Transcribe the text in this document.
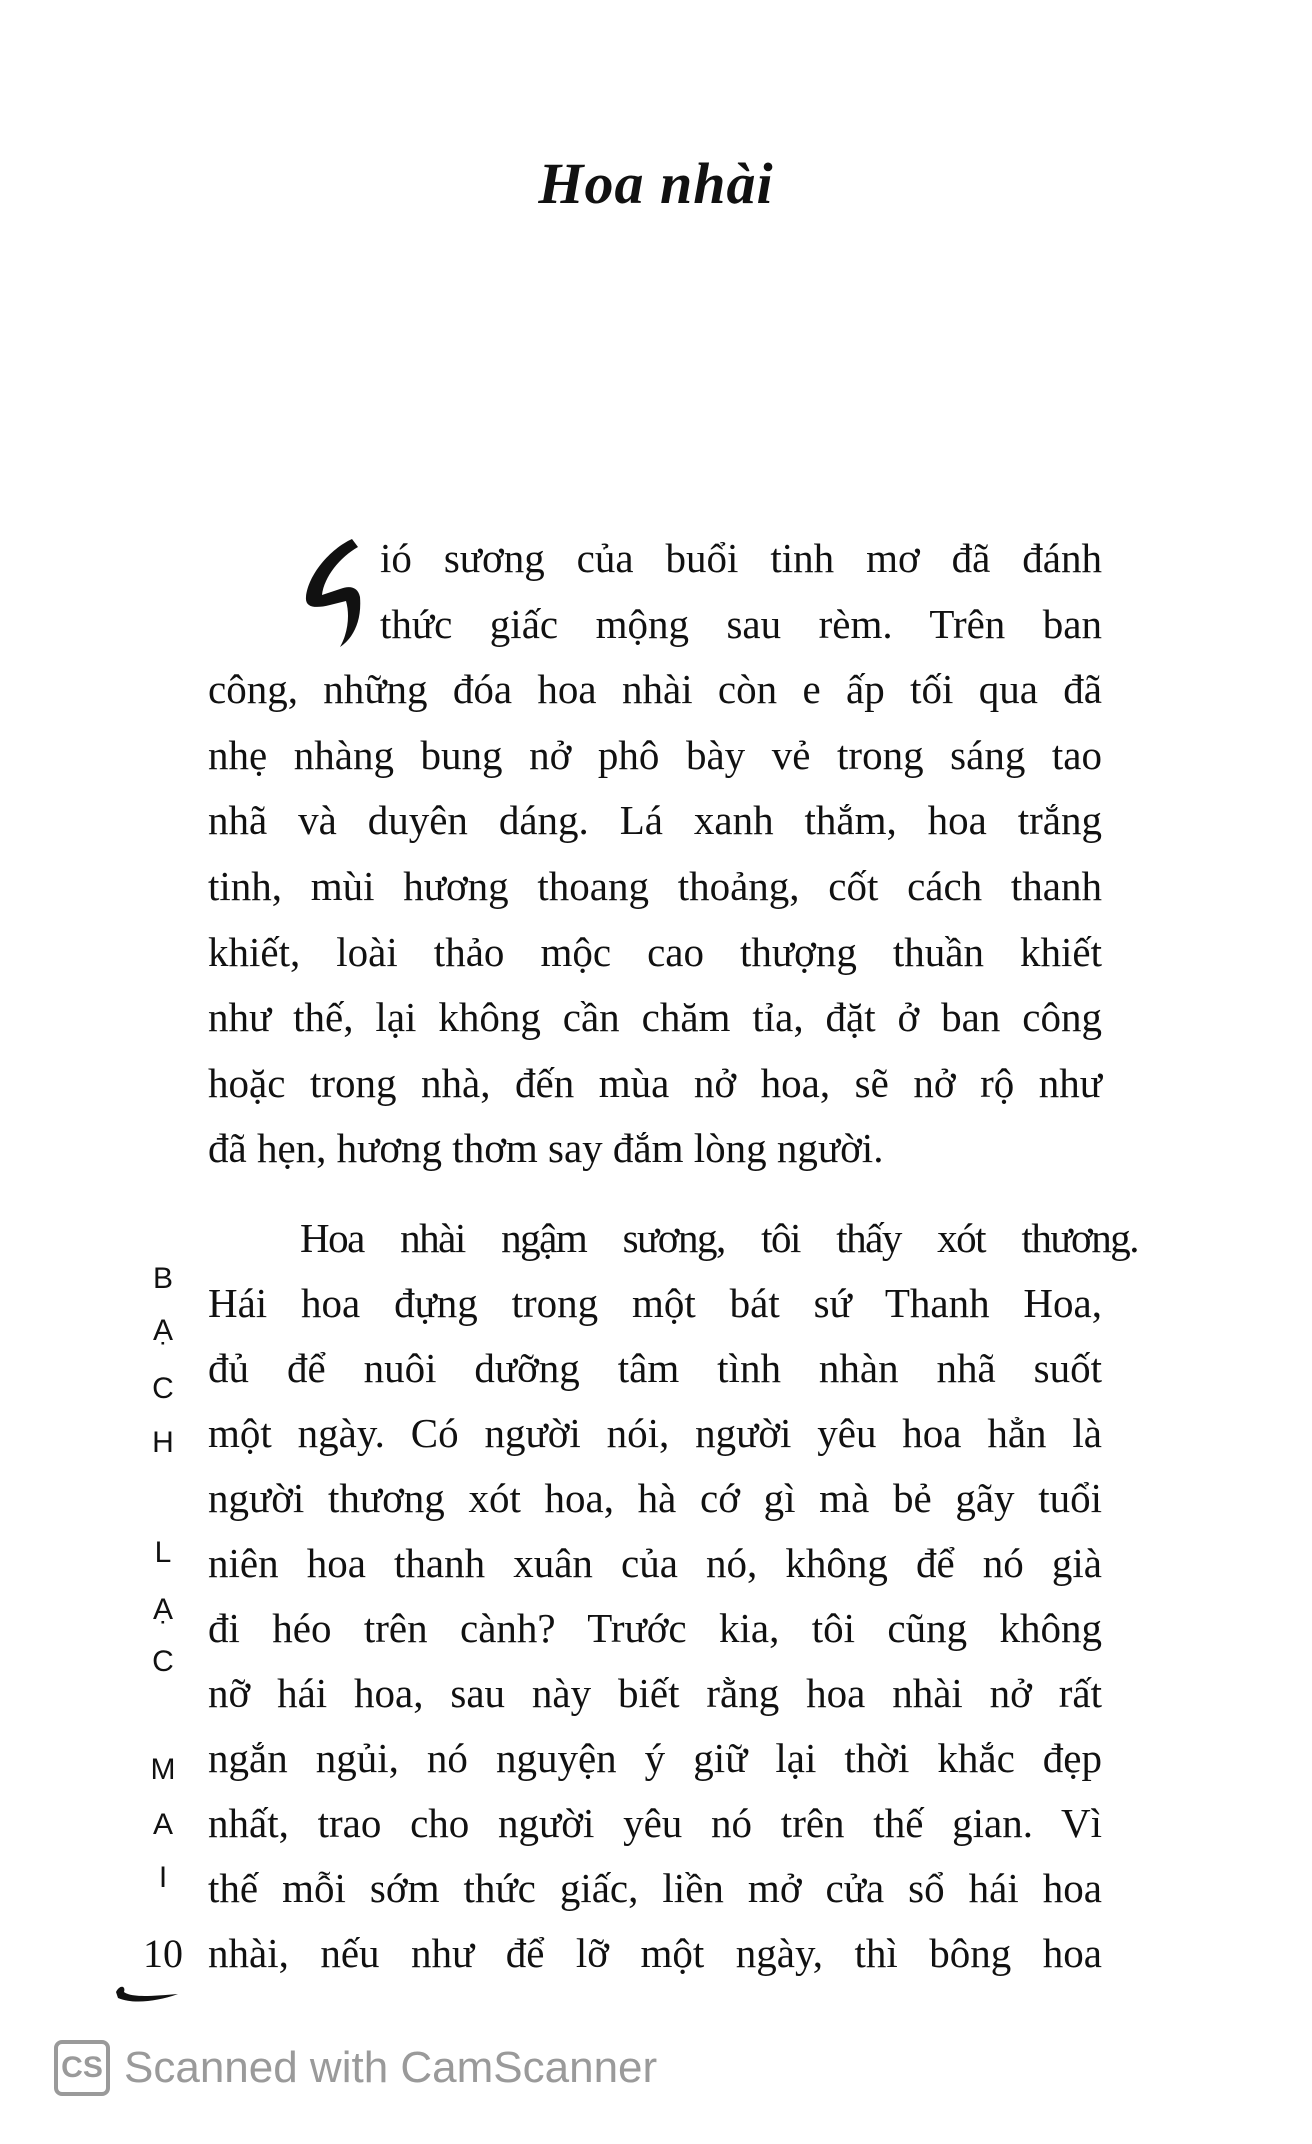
Hoa nhài
ió sương của buổi tinh mơ đã đánh
thức giấc mộng sau rèm. Trên ban
công, những đóa hoa nhài còn e ấp tối qua đã
nhẹ nhàng bung nở phô bày vẻ trong sáng tao
nhã và duyên dáng. Lá xanh thắm, hoa trắng
tinh, mùi hương thoang thoảng, cốt cách thanh
khiết, loài thảo mộc cao thượng thuần khiết
như thế, lại không cần chăm tỉa, đặt ở ban công
hoặc trong nhà, đến mùa nở hoa, sẽ nở rộ như
đã hẹn, hương thơm say đắm lòng người.
Hoa nhài ngậm sương, tôi thấy xót thương.
Hái hoa đựng trong một bát sứ Thanh Hoa,
đủ để nuôi dưỡng tâm tình nhàn nhã suốt
một ngày. Có người nói, người yêu hoa hẳn là
người thương xót hoa, hà cớ gì mà bẻ gãy tuổi
niên hoa thanh xuân của nó, không để nó già
đi héo trên cành? Trước kia, tôi cũng không
nỡ hái hoa, sau này biết rằng hoa nhài nở rất
ngắn ngủi, nó nguyện ý giữ lại thời khắc đẹp
nhất, trao cho người yêu nó trên thế gian. Vì
thế mỗi sớm thức giấc, liền mở cửa sổ hái hoa
nhài, nếu như để lỡ một ngày, thì bông hoa
B
Ạ
C
H
L
Ạ
C
M
A
I
10
CS Scanned with CamScanner
